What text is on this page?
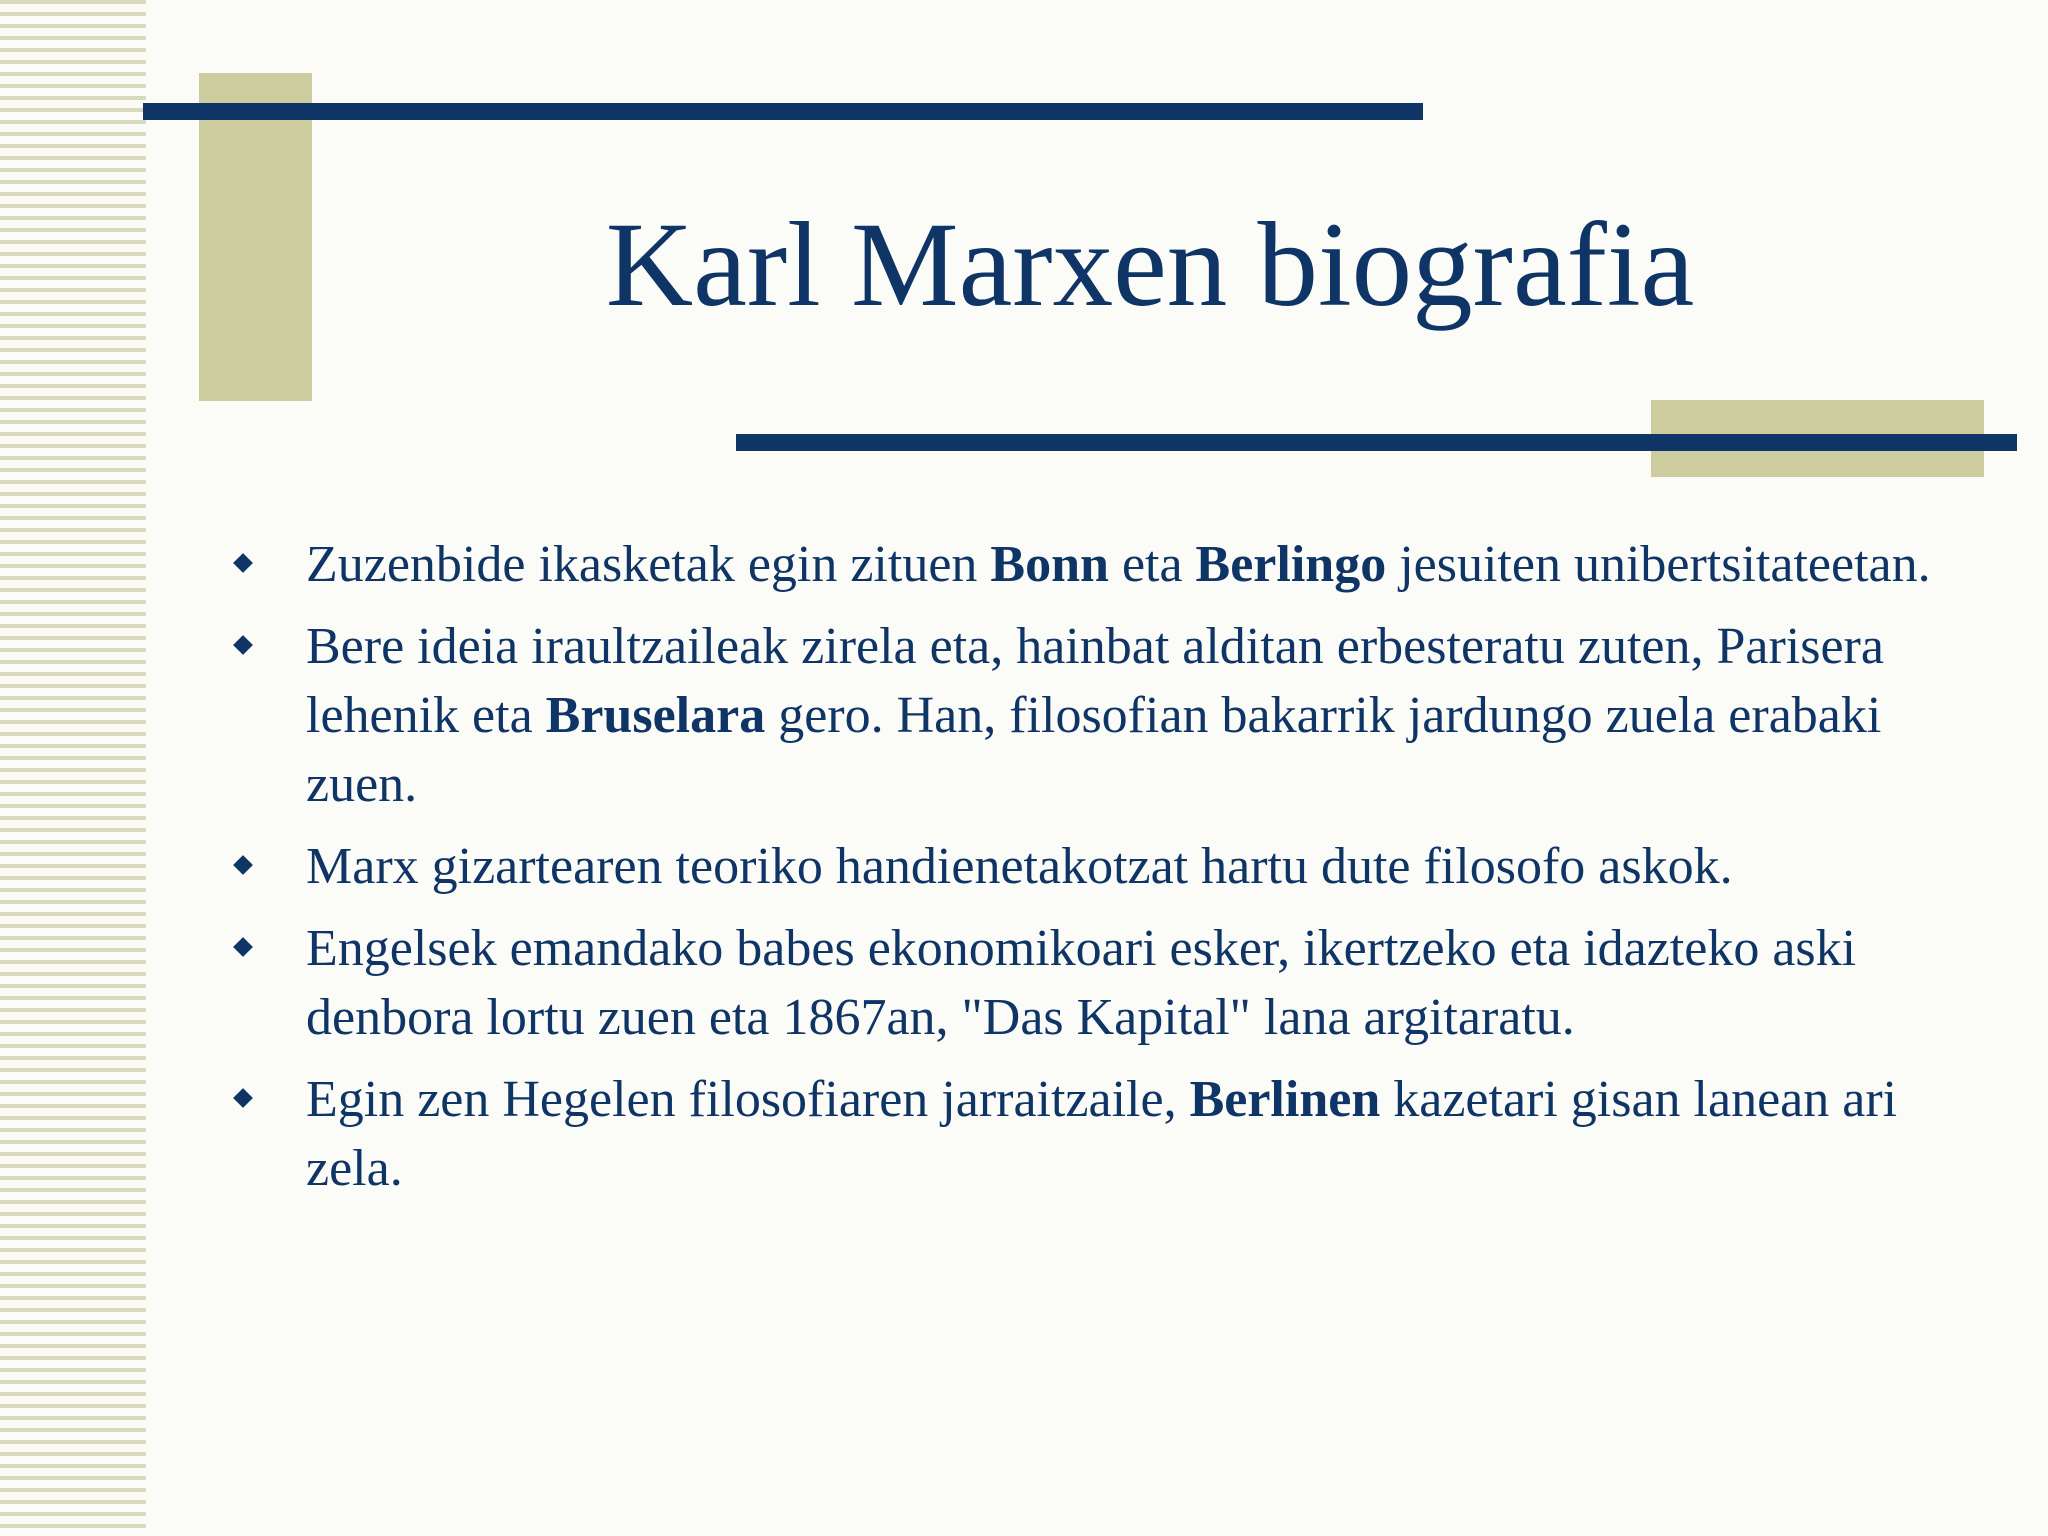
Karl Marxen biografia
Zuzenbide ikasketak egin zituen Bonn eta Berlingo jesuiten unibertsitateetan.
Bere ideia iraultzaileak zirela eta, hainbat alditan erbesteratu zuten, Parisera lehenik eta Bruselara gero. Han, filosofian bakarrik jardungo zuela erabaki zuen.
Marx gizartearen teoriko handienetakotzat hartu dute filosofo askok.
Engelsek emandako babes ekonomikoari esker, ikertzeko eta idazteko aski denbora lortu zuen eta 1867an, "Das Kapital" lana argitaratu.
Egin zen Hegelen filosofiaren jarraitzaile, Berlinen kazetari gisan lanean ari zela.
